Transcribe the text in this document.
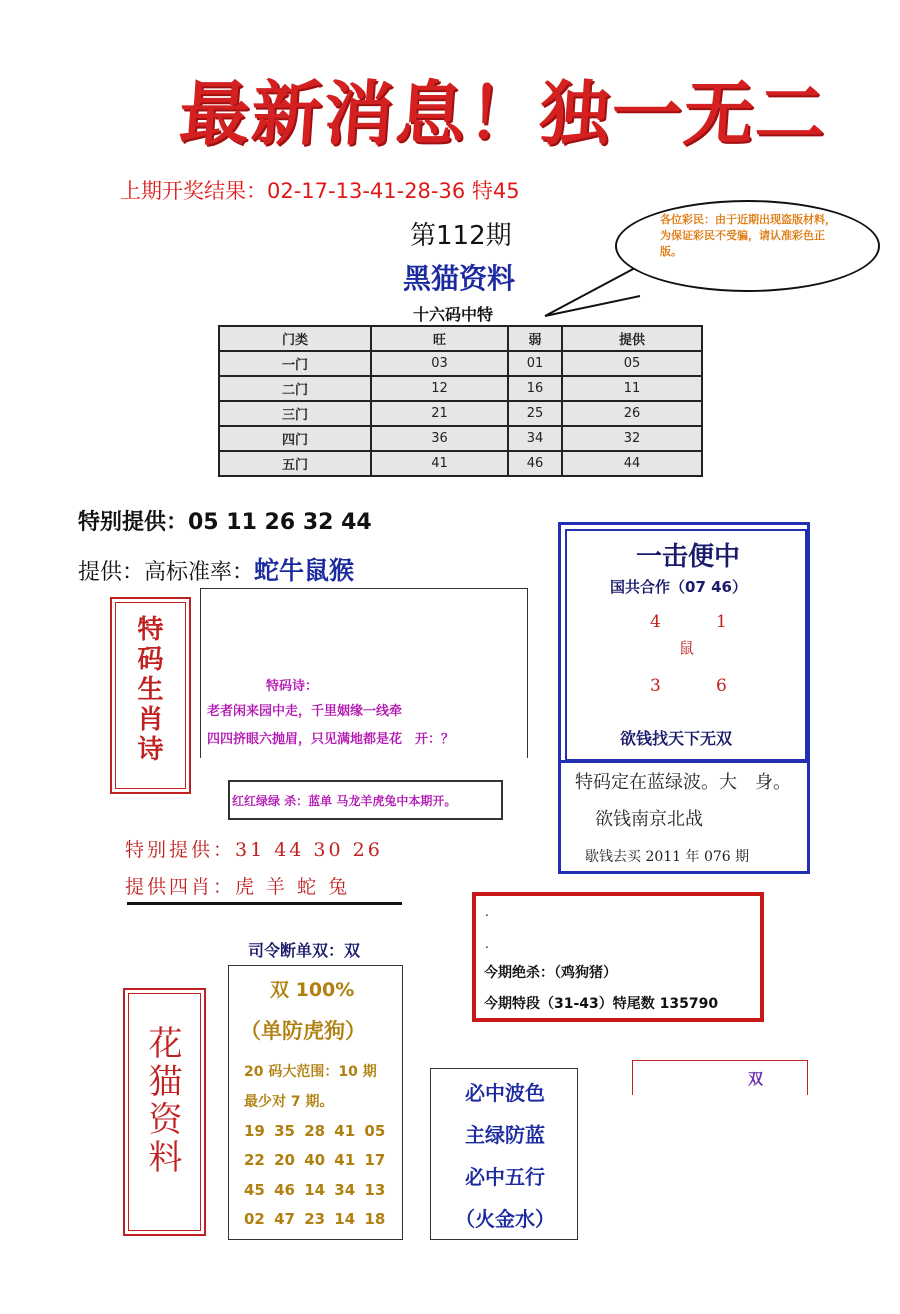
最新消息！独一无二
上期开奖结果：02-17-13-41-28-36 特45
第112期
黑猫资料
十六码中特
各位彩民：由于近期出现盗版材料，为保证彩民不受骗，请认准彩色正版。
门类	旺	弱	提供
一门	03	01	05
二门	12	16	11
三门	21	25	26
四门	36	34	32
五门	41	46	44
特别提供：05 11 26 32 44
提供：高标准率：蛇牛鼠猴
特码生肖诗	特码诗：
老者闲来园中走，千里姻缘一线牵
四四挤眼六抛眉，只见满地都是花　开：？
红红绿绿 杀：蓝单 马龙羊虎兔中本期开。
特别提供：31 44 30 26
提供四肖：虎 羊 蛇 兔
一击便中
国共合作（07 46）
4	1
鼠
3	6
欲钱找天下无双
特码定在蓝绿波。大　身。
欲钱南京北战
歇钱去买 2011 年 076 期
.
.
今期绝杀：（鸡狗猪）
今期特段（31-43）特尾数 135790
司令断单双：双
双 100%
（单防虎狗）
20 码大范围：10 期
最少对 7 期。
19 35 28 41 05
22 20 40 41 17
45 46 14 34 13
02 47 23 14 18
花猫资料	必中波色
主绿防蓝
必中五行
（火金水）
双
